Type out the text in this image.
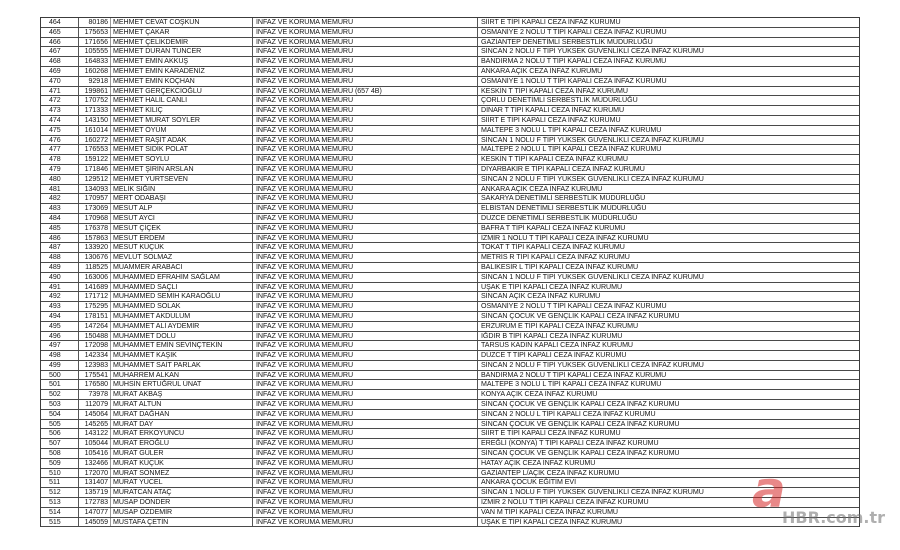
464	80186 MEHMET CEVAT COŞKUN	İNFAZ VE KORUMA MEMURU	SİİRT E TİPİ KAPALI CEZA İNFAZ KURUMU
465	175653 MEHMET ÇAKAR	İNFAZ VE KORUMA MEMURU	OSMANİYE 2 NOLU T TİPİ KAPALI CEZA İNFAZ KURUMU
466	171656 MEHMET ÇELİKDEMİR	İNFAZ VE KORUMA MEMURU	GAZİANTEP DENETİMLİ SERBESTLİK MÜDÜRLÜĞÜ
467	105555 MEHMET DURAN TUNCER	İNFAZ VE KORUMA MEMURU	SİNCAN 2 NOLU F TİPİ YÜKSEK GÜVENLİKLİ CEZA İNFAZ KURUMU
468	164833 MEHMET EMİN AKKUŞ	İNFAZ VE KORUMA MEMURU	BANDIRMA 2 NOLU T TİPİ KAPALI CEZA İNFAZ KURUMU
469	160268 MEHMET EMİN KARADENİZ	İNFAZ VE KORUMA MEMURU	ANKARA AÇIK CEZA İNFAZ KURUMU
470	92918 MEHMET EMİN KOÇHAN	İNFAZ VE KORUMA MEMURU	OSMANİYE 1 NOLU T TİPİ KAPALI CEZA İNFAZ KURUMU
471	199861 MEHMET GERÇEKCİOĞLU	İNFAZ VE KORUMA MEMURU (657 4B)	KESKİN T TİPİ KAPALI CEZA İNFAZ KURUMU
472	170752 MEHMET HALİL CANLI	İNFAZ VE KORUMA MEMURU	ÇORLU DENETİMLİ SERBESTLİK MÜDÜRLÜĞÜ
473	171333 MEHMET KILIÇ	İNFAZ VE KORUMA MEMURU	DİNAR T TİPİ KAPALI CEZA İNFAZ KURUMU
474	143150 MEHMET MURAT SÖYLER	İNFAZ VE KORUMA MEMURU	SİİRT E TİPİ KAPALI CEZA İNFAZ KURUMU
475	161014 MEHMET ÖYÜM	İNFAZ VE KORUMA MEMURU	MALTEPE 3 NOLU L TİPİ KAPALI CEZA İNFAZ KURUMU
476	160272 MEHMET RAŞİT ADAK	İNFAZ VE KORUMA MEMURU	SİNCAN 1 NOLU F TİPİ YÜKSEK GÜVENLİKLİ CEZA İNFAZ KURUMU
477	176553 MEHMET SIDIK POLAT	İNFAZ VE KORUMA MEMURU	MALTEPE 2 NOLU L TİPİ KAPALI CEZA İNFAZ KURUMU
478	159122 MEHMET SOYLU	İNFAZ VE KORUMA MEMURU	KESKİN T TİPİ KAPALI CEZA İNFAZ KURUMU
479	171846 MEHMET ŞİRİN ARSLAN	İNFAZ VE KORUMA MEMURU	DİYARBAKIR E TİPİ KAPALI CEZA İNFAZ KURUMU
480	129512 MEHMET YURTSEVEN	İNFAZ VE KORUMA MEMURU	SİNCAN 2 NOLU F TİPİ YÜKSEK GÜVENLİKLİ CEZA İNFAZ KURUMU
481	134093 MELİK SIĞIN	İNFAZ VE KORUMA MEMURU	ANKARA AÇIK CEZA İNFAZ KURUMU
482	170957 MERT ODABAŞI	İNFAZ VE KORUMA MEMURU	SAKARYA DENETİMLİ SERBESTLİK MÜDÜRLÜĞÜ
483	173069 MESUT ALP	İNFAZ VE KORUMA MEMURU	ELBİSTAN DENETİMLİ SERBESTLİK MÜDÜRLÜĞÜ
484	170968 MESUT AYCI	İNFAZ VE KORUMA MEMURU	DÜZCE DENETİMLİ SERBESTLİK MÜDÜRLÜĞÜ
485	176378 MESUT ÇİÇEK	İNFAZ VE KORUMA MEMURU	BAFRA T TİPİ KAPALI CEZA İNFAZ KURUMU
486	157863 MESUT ERDEM	İNFAZ VE KORUMA MEMURU	İZMİR 1 NOLU T TİPİ KAPALI CEZA İNFAZ KURUMU
487	133920 MESUT KÜÇÜK	İNFAZ VE KORUMA MEMURU	TOKAT T TİPİ KAPALI CEZA İNFAZ KURUMU
488	130676 MEVLÜT SOLMAZ	İNFAZ VE KORUMA MEMURU	METRİS R TİPİ KAPALI CEZA İNFAZ KURUMU
489	118525 MUAMMER ARABACI	İNFAZ VE KORUMA MEMURU	BALIKESİR L TİPİ KAPALI CEZA İNFAZ KURUMU
490	163006 MUHAMMED EFRAHİM SAĞLAM	İNFAZ VE KORUMA MEMURU	SİNCAN 1 NOLU F TİPİ YÜKSEK GÜVENLİKLİ CEZA İNFAZ KURUMU
491	141689 MUHAMMED SAÇLI	İNFAZ VE KORUMA MEMURU	UŞAK E TİPİ KAPALI CEZA İNFAZ KURUMU
492	171712 MUHAMMED SEMİH KARAOĞLU	İNFAZ VE KORUMA MEMURU	SİNCAN AÇIK CEZA İNFAZ KURUMU
493	175295 MUHAMMED SOLAK	İNFAZ VE KORUMA MEMURU	OSMANİYE 2 NOLU T TİPİ KAPALI CEZA İNFAZ KURUMU
494	178151 MUHAMMET AKDULUM	İNFAZ VE KORUMA MEMURU	SİNCAN ÇOCUK VE GENÇLİK KAPALI CEZA İNFAZ KURUMU
495	147264 MUHAMMET ALİ AYDEMİR	İNFAZ VE KORUMA MEMURU	ERZURUM E TİPİ KAPALI CEZA İNFAZ KURUMU
496	150488 MUHAMMET DOLU	İNFAZ VE KORUMA MEMURU	IĞDIR B TİPİ KAPALI CEZA İNFAZ KURUMU
497	172098 MUHAMMET EMİN SEVİNÇTEKİN	İNFAZ VE KORUMA MEMURU	TARSUS KADIN KAPALI CEZA İNFAZ KURUMU
498	142334 MUHAMMET KAŞIK	İNFAZ VE KORUMA MEMURU	DÜZCE T TİPİ KAPALI CEZA İNFAZ KURUMU
499	123983 MUHAMMET SAİT PARLAK	İNFAZ VE KORUMA MEMURU	SİNCAN 2 NOLU F TİPİ YÜKSEK GÜVENLİKLİ CEZA İNFAZ KURUMU
500	175541 MUHARREM ALKAN	İNFAZ VE KORUMA MEMURU	BANDIRMA 2 NOLU T TİPİ KAPALI CEZA İNFAZ KURUMU
501	176580 MUHSİN ERTUĞRUL ÜNAT	İNFAZ VE KORUMA MEMURU	MALTEPE 3 NOLU L TİPİ KAPALI CEZA İNFAZ KURUMU
502	73978 MURAT AKBAŞ	İNFAZ VE KORUMA MEMURU	KONYA AÇIK CEZA İNFAZ KURUMU
503	112079 MURAT ALTUN	İNFAZ VE KORUMA MEMURU	SİNCAN ÇOCUK VE GENÇLİK KAPALI CEZA İNFAZ KURUMU
504	145064 MURAT DAĞHAN	İNFAZ VE KORUMA MEMURU	SİNCAN 2 NOLU L TİPİ KAPALI CEZA İNFAZ KURUMU
505	145265 MURAT DAY	İNFAZ VE KORUMA MEMURU	SİNCAN ÇOCUK VE GENÇLİK KAPALI CEZA İNFAZ KURUMU
506	143122 MURAT ERKOYUNCU	İNFAZ VE KORUMA MEMURU	SİİRT E TİPİ KAPALI CEZA İNFAZ KURUMU
507	105044 MURAT EROĞLU	İNFAZ VE KORUMA MEMURU	EREĞLİ (KONYA) T TİPİ KAPALI CEZA İNFAZ KURUMU
508	105416 MURAT GÜLER	İNFAZ VE KORUMA MEMURU	SİNCAN ÇOCUK VE GENÇLİK KAPALI CEZA İNFAZ KURUMU
509	132466 MURAT KÜÇÜK	İNFAZ VE KORUMA MEMURU	HATAY AÇIK CEZA İNFAZ KURUMU
510	172070 MURAT SÖNMEZ	İNFAZ VE KORUMA MEMURU	GAZİANTEP L/AÇIK CEZA İNFAZ KURUMU
511	131407 MURAT YÜCEL	İNFAZ VE KORUMA MEMURU	ANKARA ÇOCUK EĞİTİM EVİ
512	135719 MURATCAN ATAÇ	İNFAZ VE KORUMA MEMURU	SİNCAN 1 NOLU F TİPİ YÜKSEK GÜVENLİKLİ CEZA İNFAZ KURUMU
513	172783 MUSAP DÖNDER	İNFAZ VE KORUMA MEMURU	İZMİR 2 NOLU T TİPİ KAPALI CEZA İNFAZ KURUMU
514	147077 MUSAP ÖZDEMİR	İNFAZ VE KORUMA MEMURU	VAN M TİPİ KAPALI CEZA İNFAZ KURUMU
515	145059 MUSTAFA ÇETİN	İNFAZ VE KORUMA MEMURU	UŞAK E TİPİ KAPALI CEZA İNFAZ KURUMU
a
HBR.com.tr
